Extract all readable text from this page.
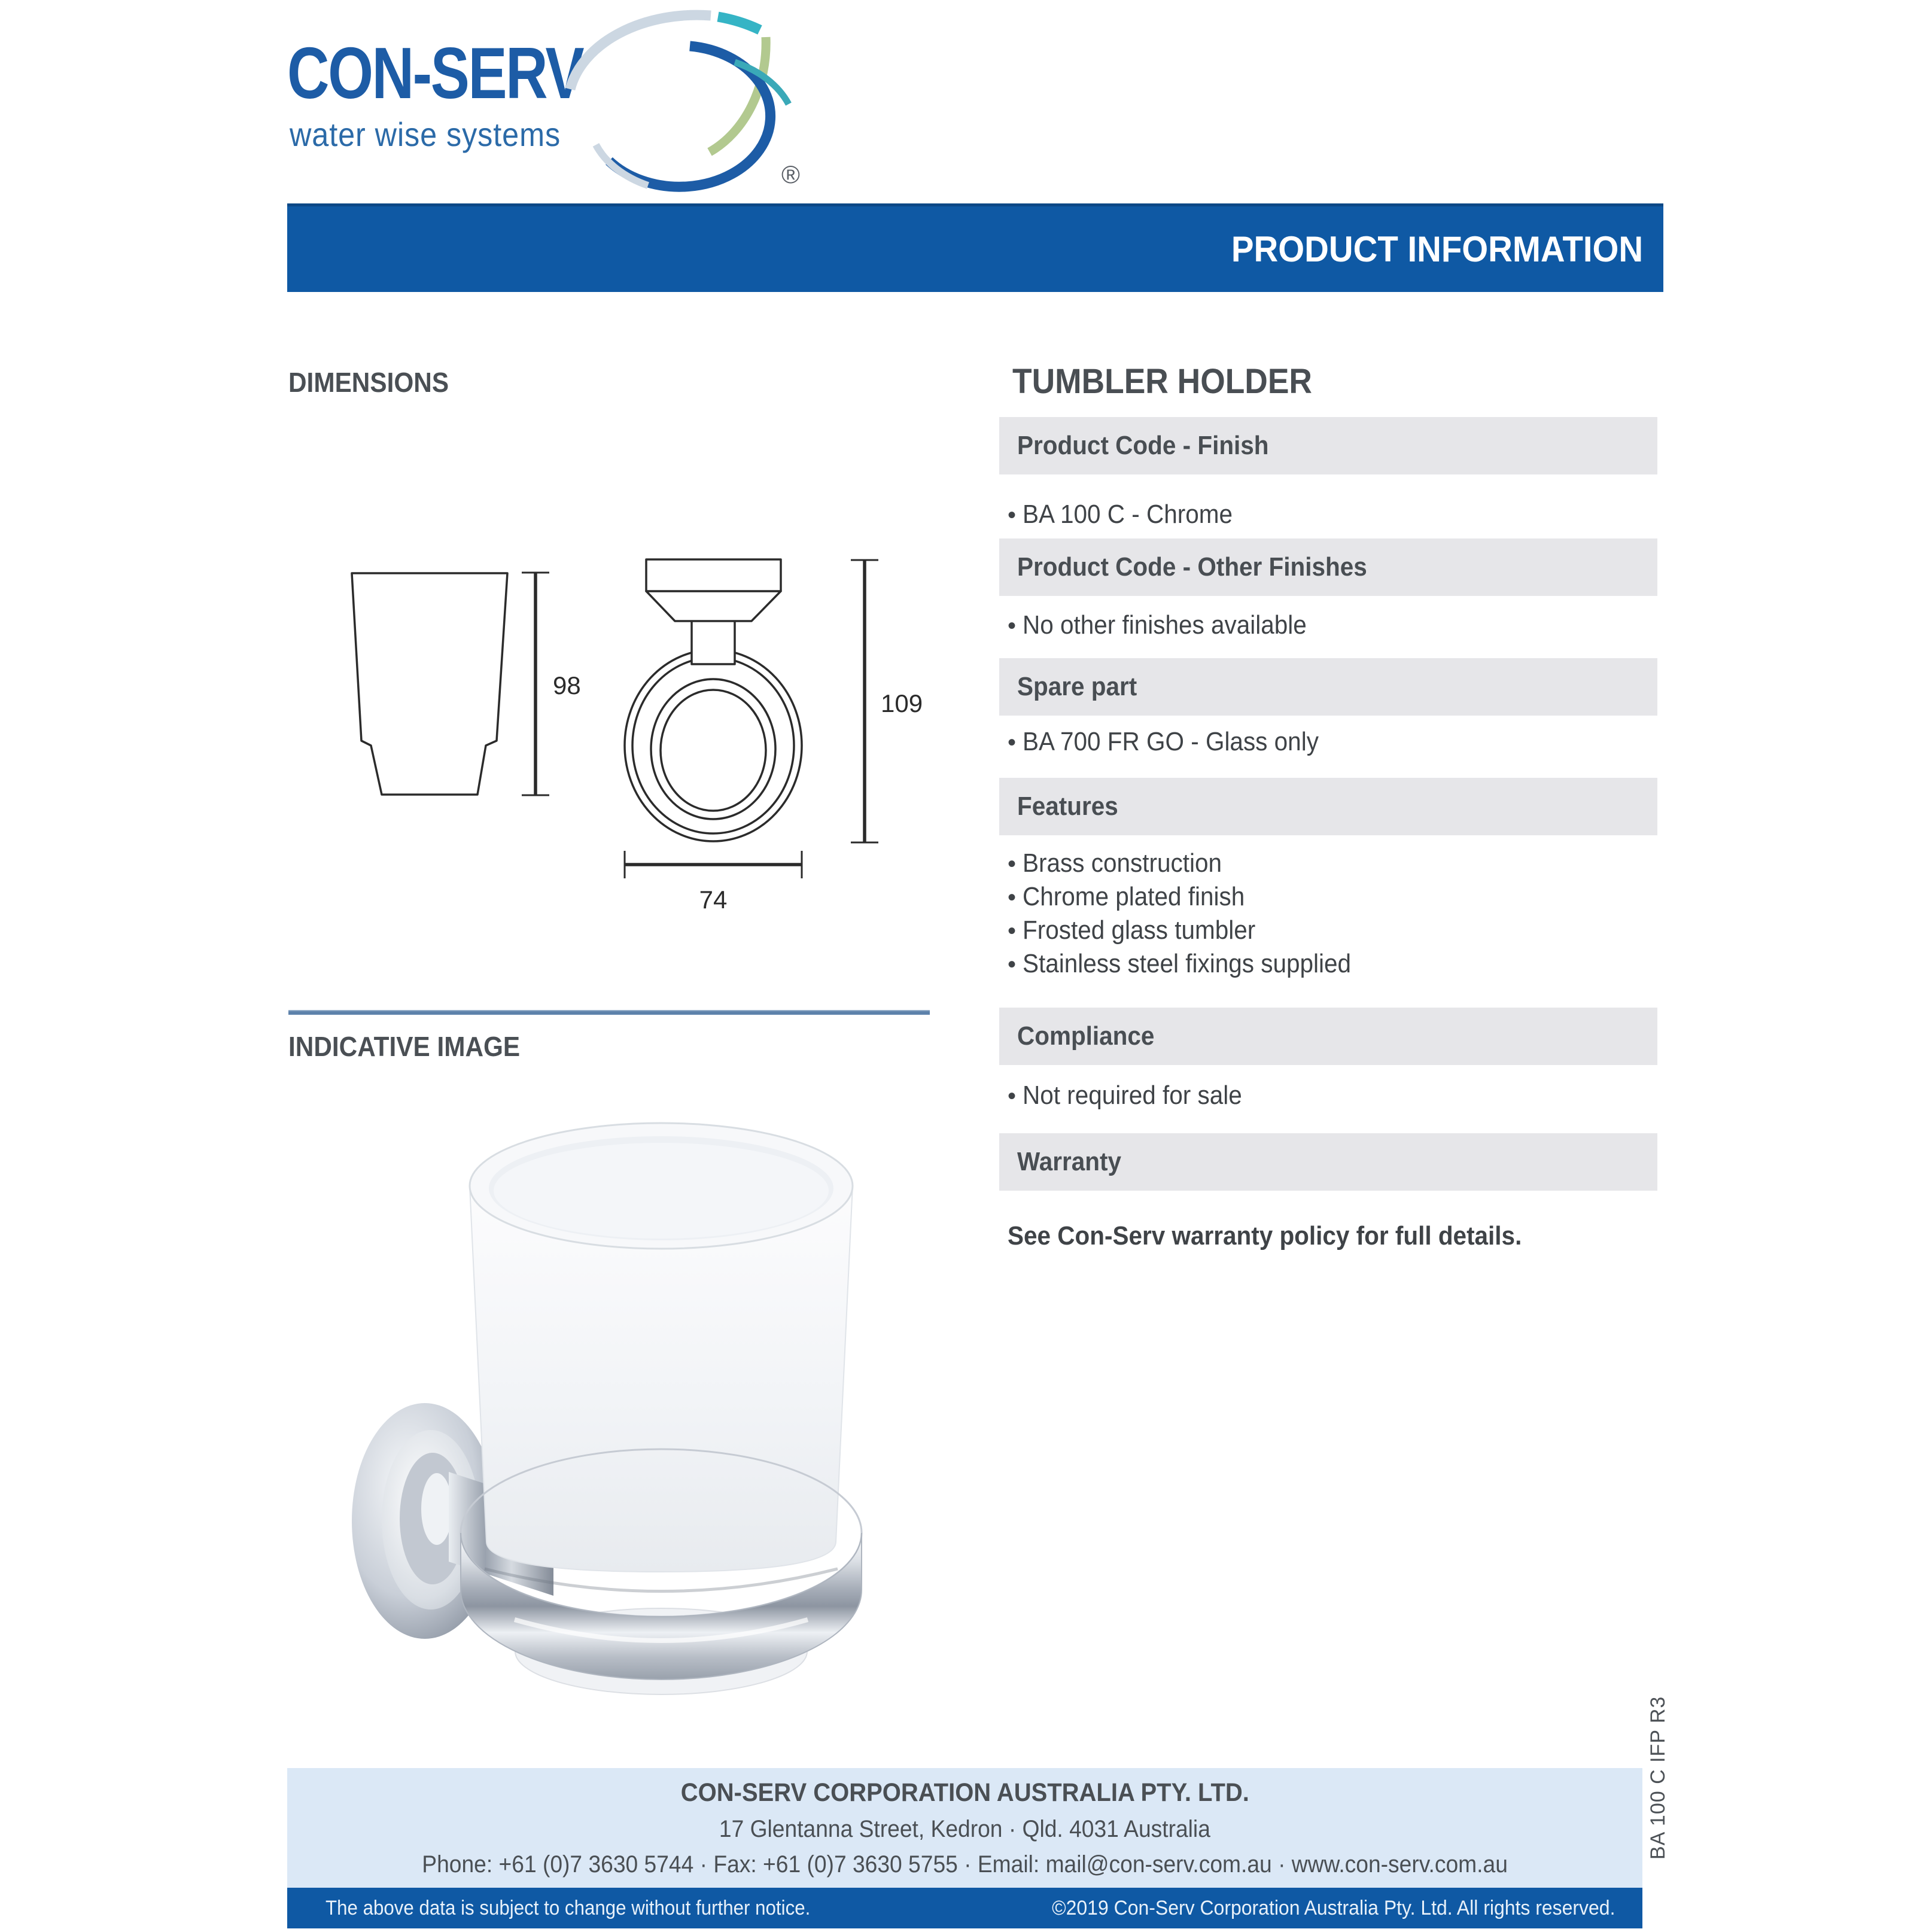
CON-SERV
water wise systems
®
PRODUCT INFORMATION
DIMENSIONS
98
109
74
INDICATIVE IMAGE
TUMBLER HOLDER
Product Code - Finish
• BA 100 C - Chrome
Product Code - Other Finishes
• No other finishes available
Spare part
• BA 700 FR GO - Glass only
Features
• Brass construction
• Chrome plated finish
• Frosted glass tumbler
• Stainless steel fixings supplied
Compliance
• Not required for sale
Warranty
See Con-Serv warranty policy for full details.
CON-SERV CORPORATION AUSTRALIA PTY. LTD.
17 Glentanna Street, Kedron · Qld. 4031 Australia
Phone: +61 (0)7 3630 5744 · Fax: +61 (0)7 3630 5755 · Email: mail@con-serv.com.au · www.con-serv.com.au
The above data is subject to change without further notice.	©2019 Con-Serv Corporation Australia Pty. Ltd. All rights reserved.
BA 100 C IFP R3
